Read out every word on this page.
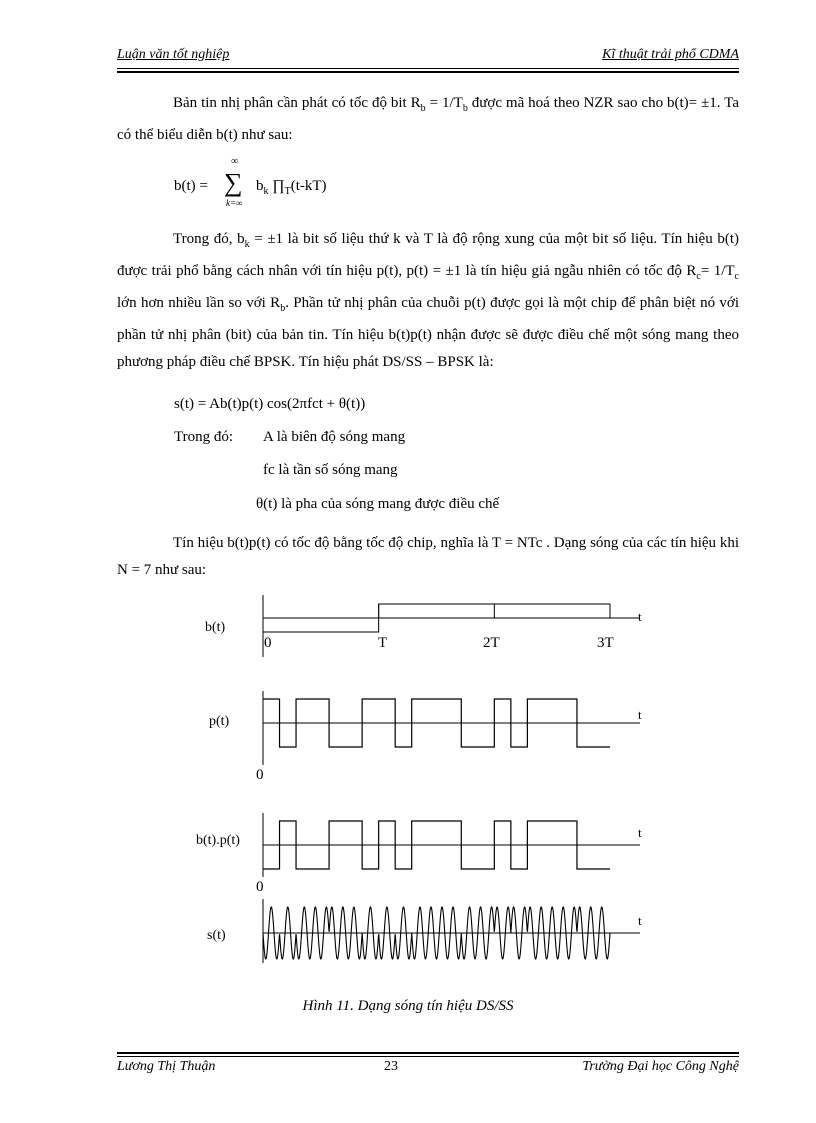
Luận văn tốt nghiệp	Kĩ thuật trải phổ CDMA
Bản tin nhị phân cần phát có tốc độ bit $R_b = 1/T_b$ được mã hoá theo NZR sao cho b(t)= ±1. Ta có thể biểu diễn b(t) như sau:
b(t) =
∞
∑
k=∞
$b_k$ $\prod_T(t-kT)$
Trong đó, $b_k = \pm 1$ là bit số liệu thứ k và T là độ rộng xung của một bit số liệu. Tín hiệu b(t) được trải phổ bằng cách nhân với tín hiệu p(t), p(t) = ±1 là tín hiệu giả ngẫu nhiên có tốc độ $R_c= 1/T_c$ lớn hơn nhiều lần so với $R_b$. Phần tử nhị phân của chuỗi p(t) được gọi là một chip để phân biệt nó với phần tử nhị phân (bit) của bản tin. Tín hiệu b(t)p(t) nhận được sẽ được điều chế một sóng mang theo phương pháp điều chế BPSK. Tín hiệu phát DS/SS – BPSK là:
s(t) = Ab(t)p(t) cos(2πfct + θ(t))
Trong đó: A là biên độ sóng mang
fc là tần số sóng mang
θ(t) là pha của sóng mang được điều chế
Tín hiệu b(t)p(t) có tốc độ bằng tốc độ chip, nghĩa là T = NTc . Dạng sóng của các tín hiệu khi N = 7 như sau:
b(t)
p(t)
b(t).p(t)
s(t)
t
t
t
t
0	T	2T	3T
0
0
Hình 11. Dạng sóng tín hiệu DS/SS
Lương Thị Thuận	23	Trường Đại học Công Nghệ
